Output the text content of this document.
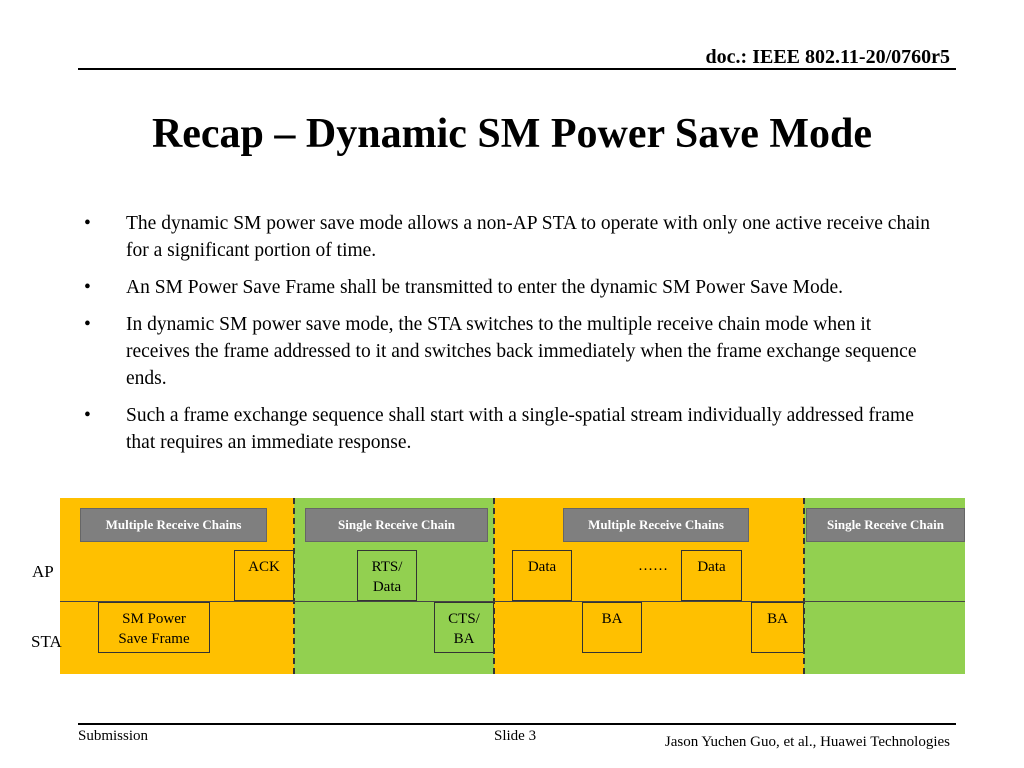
doc.: IEEE 802.11-20/0760r5
Recap – Dynamic SM Power Save Mode
• The dynamic SM power save mode allows a non-AP STA to operate with only one active receive chain for a significant portion of time.
• An SM Power Save Frame shall be transmitted to enter the dynamic SM Power Save Mode.
• In dynamic SM power save mode, the STA switches to the multiple receive chain mode when it receives the frame addressed to it and switches back immediately when the frame exchange sequence ends.
• Such a frame exchange sequence shall start with a single-spatial stream individually addressed frame that requires an immediate response.
Multiple Receive Chains	Single Receive Chain	Multiple Receive Chains	Single Receive Chain
ACK	RTS/
Data
Data	……	Data
SM Power
Save Frame
CTS/
BA
BA	BA
AP
STA
Submission	Slide 3	Jason Yuchen Guo, et al., Huawei Technologies
